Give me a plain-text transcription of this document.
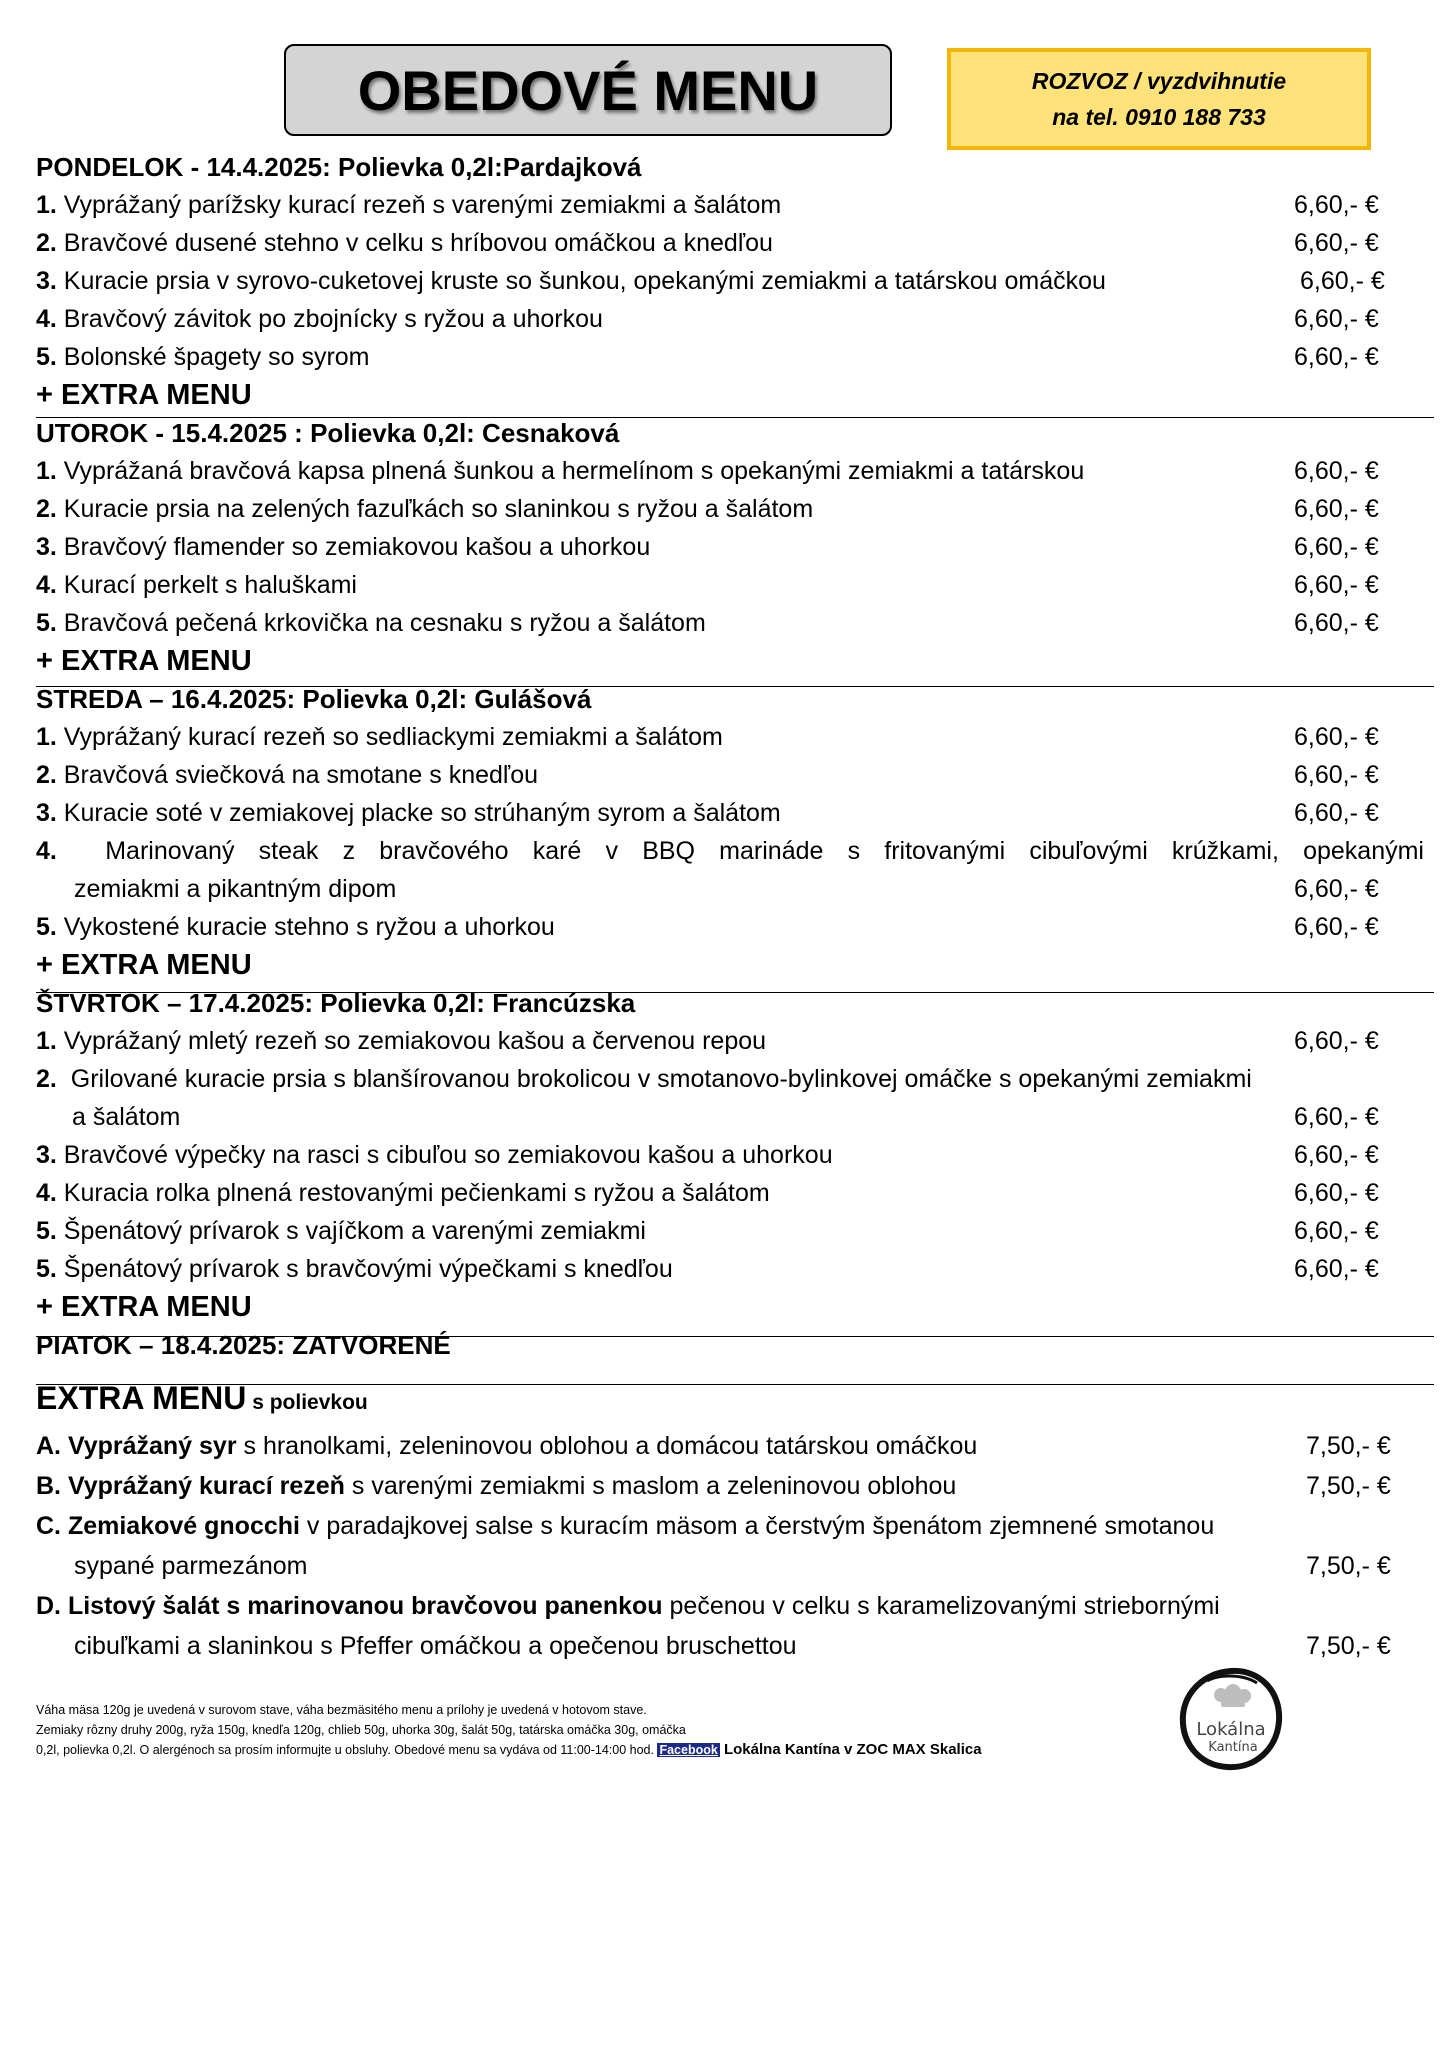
OBEDOVÉ MENU	ROZVOZ / vyzdvihnutie
na tel. 0910 188 733
PONDELOK - 14.4.2025: Polievka 0,2l:Pardajková
1. Vyprážaný parížsky kurací rezeň s varenými zemiakmi a šalátom	6,60,- €
2. Bravčové dusené stehno v celku s hríbovou omáčkou a knedľou	6,60,- €
3. Kuracie prsia v syrovo-cuketovej kruste so šunkou, opekanými zemiakmi a tatárskou omáčkou	6,60,- €
4. Bravčový závitok po zbojnícky s ryžou a uhorkou	6,60,- €
5. Bolonské špagety so syrom	6,60,- €
+ EXTRA MENU
UTOROK - 15.4.2025 : Polievka 0,2l: Cesnaková
1. Vyprážaná bravčová kapsa plnená šunkou a hermelínom s opekanými zemiakmi a tatárskou	6,60,- €
2. Kuracie prsia na zelených fazuľkách so slaninkou s ryžou a šalátom	6,60,- €
3. Bravčový flamender so zemiakovou kašou a uhorkou	6,60,- €
4. Kurací perkelt s haluškami	6,60,- €
5. Bravčová pečená krkovička na cesnaku s ryžou a šalátom	6,60,- €
+ EXTRA MENU
STREDA – 16.4.2025: Polievka 0,2l: Gulášová
1. Vyprážaný kurací rezeň so sedliackymi zemiakmi a šalátom	6,60,- €
2. Bravčová sviečková na smotane s knedľou	6,60,- €
3. Kuracie soté v zemiakovej placke so strúhaným syrom a šalátom	6,60,- €
4. Marinovaný steak z bravčového karé v BBQ marináde s fritovanými cibuľovými krúžkami, opekanými
zemiakmi a pikantným dipom	6,60,- €
5. Vykostené kuracie stehno s ryžou a uhorkou	6,60,- €
+ EXTRA MENU
ŠTVRTOK – 17.4.2025: Polievka 0,2l: Francúzska
1. Vyprážaný mletý rezeň so zemiakovou kašou a červenou repou	6,60,- €
2. Grilované kuracie prsia s blanšírovanou brokolicou v smotanovo-bylinkovej omáčke s opekanými zemiakmi
a šalátom	6,60,- €
3. Bravčové výpečky na rasci s cibuľou so zemiakovou kašou a uhorkou	6,60,- €
4. Kuracia rolka plnená restovanými pečienkami s ryžou a šalátom	6,60,- €
5. Špenátový prívarok s vajíčkom a varenými zemiakmi	6,60,- €
5. Špenátový prívarok s bravčovými výpečkami s knedľou	6,60,- €
+ EXTRA MENU
PIATOK – 18.4.2025: ZATVORENÉ
EXTRA MENU s polievkou
A. Vyprážaný syr s hranolkami, zeleninovou oblohou a domácou tatárskou omáčkou	7,50,- €
B. Vyprážaný kurací rezeň s varenými zemiakmi s maslom a zeleninovou oblohou	7,50,- €
C. Zemiakové gnocchi v paradajkovej salse s kuracím mäsom a čerstvým špenátom zjemnené smotanou
sypané parmezánom	7,50,- €
D. Listový šalát s marinovanou bravčovou panenkou pečenou v celku s karamelizovanými striebornými
cibuľkami a slaninkou s Pfeffer omáčkou a opečenou bruschettou	7,50,- €
Váha mäsa 120g je uvedená v surovom stave, váha bezmäsitého menu a prílohy je uvedená v hotovom stave.
Zemiaky rôzny druhy 200g, ryža 150g, knedľa 120g, chlieb 50g, uhorka 30g, šalát 50g, tatárska omáčka 30g, omáčka
0,2l, polievka 0,2l. O alergénoch sa prosím informujte u obsluhy. Obedové menu sa vydáva od 11:00-14:00 hod. Facebook Lokálna Kantína v ZOC MAX Skalica
Lokálna
Kantína
